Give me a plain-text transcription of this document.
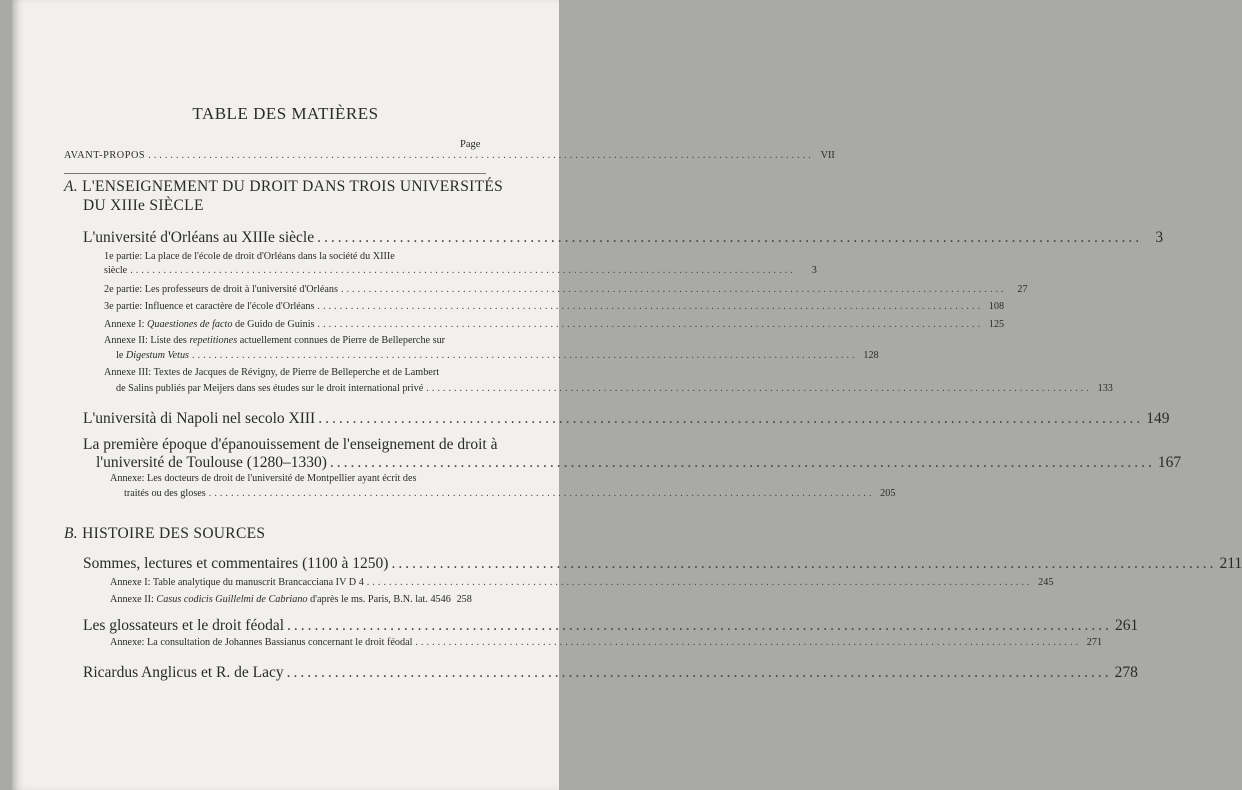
TABLE DES MATIÈRES
Page
AVANT-PROPOS ........................................................................................................................ VII
A. L'ENSEIGNEMENT DU DROIT DANS TROIS UNIVERSITÉS
DU XIIIe SIÈCLE
L'université d'Orléans au XIIIe siècle ........................................................................................................................ 3
1e partie: La place de l'école de droit d'Orléans dans la société du XIIIe
siècle ........................................................................................................................	3
2e partie: Les professeurs de droit à l'université d'Orléans ........................................................................................................................	27
3e partie: Influence et caractère de l'école d'Orléans ........................................................................................................................ 108
Annexe I: Quaestiones de facto de Guido de Guinis ........................................................................................................................ 125
Annexe II: Liste des repetitiones actuellement connues de Pierre de Belleperche sur
le Digestum Vetus ........................................................................................................................ 128
Annexe III: Textes de Jacques de Révigny, de Pierre de Belleperche et de Lambert
de Salins publiés par Meijers dans ses études sur le droit international privé ........................................................................................................................ 133
L'università di Napoli nel secolo XIII ........................................................................................................................ 149
La première époque d'épanouissement de l'enseignement de droit à
l'université de Toulouse (1280–1330) ........................................................................................................................ 167
Annexe: Les docteurs de droit de l'université de Montpellier ayant écrit des
traités ou des gloses ........................................................................................................................ 205
B. HISTOIRE DES SOURCES
Sommes, lectures et commentaires (1100 à 1250) ........................................................................................................................ 211
Annexe I: Table analytique du manuscrit Brancacciana IV D 4 ........................................................................................................................ 245
Annexe II: Casus codicis Guillelmi de Cabriano d'après le ms. Paris, B.N. lat. 4546 258
Les glossateurs et le droit féodal ........................................................................................................................ 261
Annexe: La consultation de Johannes Bassianus concernant le droit féodal ........................................................................................................................ 271
Ricardus Anglicus et R. de Lacy ........................................................................................................................ 278
